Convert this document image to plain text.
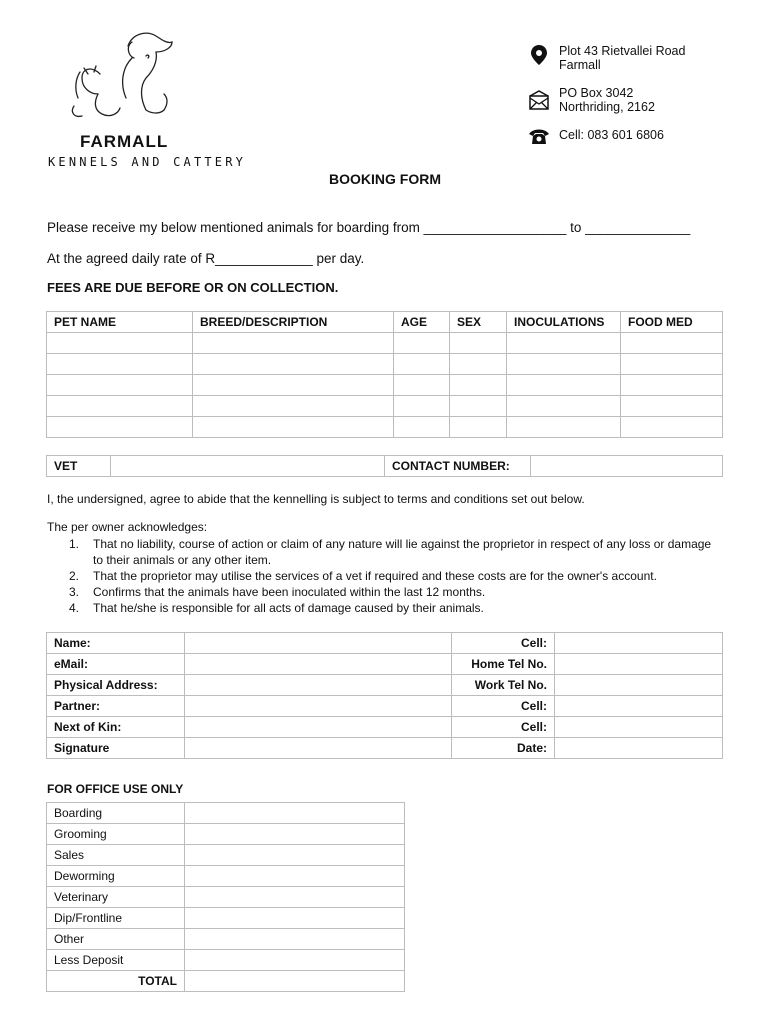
FARMALL
KENNELS AND CATTERY
Plot 43 Rietvallei Road
Farmall
PO Box 3042
Northriding, 2162
Cell: 083 601 6806
BOOKING FORM
Please receive my below mentioned animals for boarding from ___________________ to ______________
At the agreed daily rate of R_____________ per day.
FEES ARE DUE BEFORE OR ON COLLECTION.
PET NAME	BREED/DESCRIPTION	AGE	SEX	INOCULATIONS	FOOD MED

VET		CONTACT NUMBER:	
I, the undersigned, agree to abide that the kennelling is subject to terms and conditions set out below.
The per owner acknowledges:
1. That no liability, course of action or claim of any nature will lie against the proprietor in respect of any loss or damage to their animals or any other item.
2. That the proprietor may utilise the services of a vet if required and these costs are for the owner's account.
3. Confirms that the animals have been inoculated within the last 12 months.
4. That he/she is responsible for all acts of damage caused by their animals.
Name:		Cell:	
eMail:		Home Tel No.	
Physical Address:		Work Tel No.	
Partner:		Cell:	
Next of Kin:		Cell:	
Signature		Date:	
FOR OFFICE USE ONLY
Boarding	
Grooming	
Sales	
Deworming	
Veterinary	
Dip/Frontline	
Other	
Less Deposit	
TOTAL	
